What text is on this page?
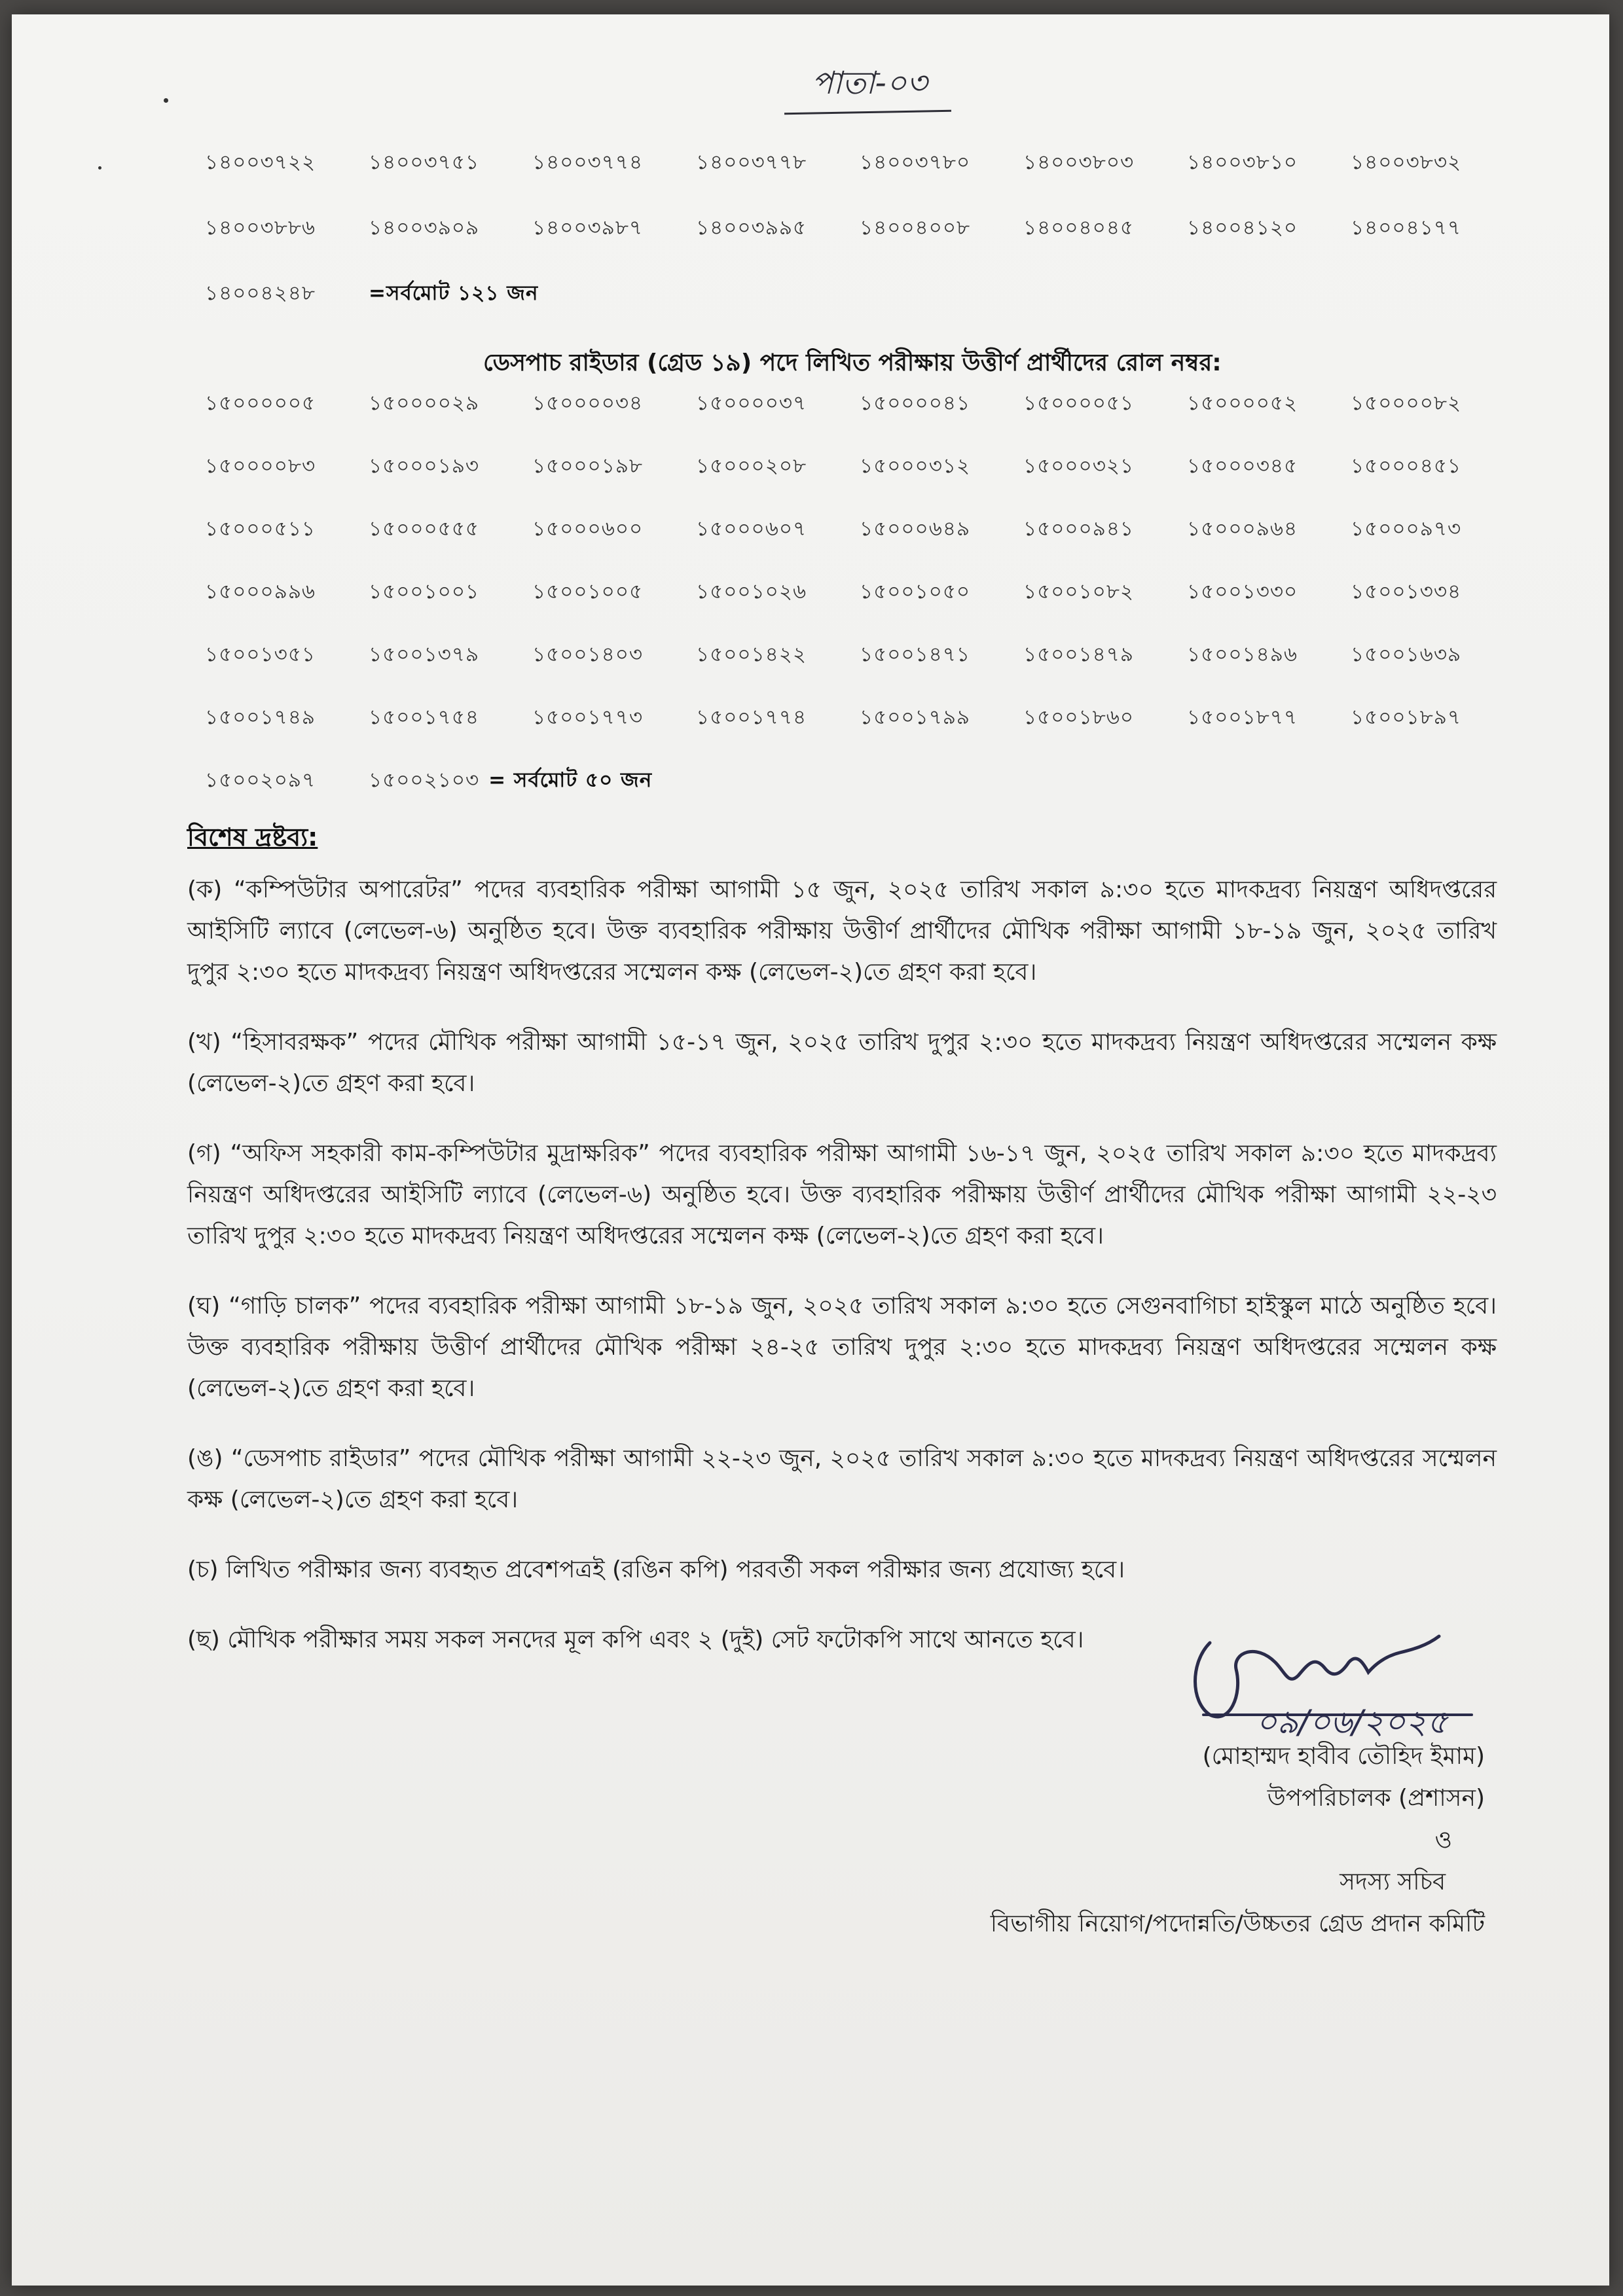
পাতা-০৩
১৪০০৩৭২২	১৪০০৩৭৫১	১৪০০৩৭৭৪	১৪০০৩৭৭৮	১৪০০৩৭৮০	১৪০০৩৮০৩	১৪০০৩৮১০	১৪০০৩৮৩২
১৪০০৩৮৮৬	১৪০০৩৯০৯	১৪০০৩৯৮৭	১৪০০৩৯৯৫	১৪০০৪০০৮	১৪০০৪০৪৫	১৪০০৪১২০	১৪০০৪১৭৭
১৪০০৪২৪৮	=সর্বমোট ১২১ জন
ডেসপাচ রাইডার (গ্রেড ১৯) পদে লিখিত পরীক্ষায় উত্তীর্ণ প্রার্থীদের রোল নম্বর:
১৫০০০০০৫	১৫০০০০২৯	১৫০০০০৩৪	১৫০০০০৩৭	১৫০০০০৪১	১৫০০০০৫১	১৫০০০০৫২	১৫০০০০৮২
১৫০০০০৮৩	১৫০০০১৯৩	১৫০০০১৯৮	১৫০০০২০৮	১৫০০০৩১২	১৫০০০৩২১	১৫০০০৩৪৫	১৫০০০৪৫১
১৫০০০৫১১	১৫০০০৫৫৫	১৫০০০৬০০	১৫০০০৬০৭	১৫০০০৬৪৯	১৫০০০৯৪১	১৫০০০৯৬৪	১৫০০০৯৭৩
১৫০০০৯৯৬	১৫০০১০০১	১৫০০১০০৫	১৫০০১০২৬	১৫০০১০৫০	১৫০০১০৮২	১৫০০১৩৩০	১৫০০১৩৩৪
১৫০০১৩৫১	১৫০০১৩৭৯	১৫০০১৪০৩	১৫০০১৪২২	১৫০০১৪৭১	১৫০০১৪৭৯	১৫০০১৪৯৬	১৫০০১৬৩৯
১৫০০১৭৪৯	১৫০০১৭৫৪	১৫০০১৭৭৩	১৫০০১৭৭৪	১৫০০১৭৯৯	১৫০০১৮৬০	১৫০০১৮৭৭	১৫০০১৮৯৭
১৫০০২০৯৭	১৫০০২১০৩ = সর্বমোট ৫০ জন
বিশেষ দ্রষ্টব্য:

(ক) “কম্পিউটার অপারেটর” পদের ব্যবহারিক পরীক্ষা আগামী ১৫ জুন, ২০২৫ তারিখ সকাল ৯:৩০ হতে মাদকদ্রব্য নিয়ন্ত্রণ অধিদপ্তরের আইসিটি ল্যাবে (লেভেল-৬) অনুষ্ঠিত হবে। উক্ত ব্যবহারিক পরীক্ষায় উত্তীর্ণ প্রার্থীদের মৌখিক পরীক্ষা আগামী ১৮-১৯ জুন, ২০২৫ তারিখ দুপুর ২:৩০ হতে মাদকদ্রব্য নিয়ন্ত্রণ অধিদপ্তরের সম্মেলন কক্ষ (লেভেল-২)তে গ্রহণ করা হবে।

(খ) “হিসাবরক্ষক” পদের মৌখিক পরীক্ষা আগামী ১৫-১৭ জুন, ২০২৫ তারিখ দুপুর ২:৩০ হতে মাদকদ্রব্য নিয়ন্ত্রণ অধিদপ্তরের সম্মেলন কক্ষ (লেভেল-২)তে গ্রহণ করা হবে।

(গ) “অফিস সহকারী কাম-কম্পিউটার মুদ্রাক্ষরিক” পদের ব্যবহারিক পরীক্ষা আগামী ১৬-১৭ জুন, ২০২৫ তারিখ সকাল ৯:৩০ হতে মাদকদ্রব্য নিয়ন্ত্রণ অধিদপ্তরের আইসিটি ল্যাবে (লেভেল-৬) অনুষ্ঠিত হবে। উক্ত ব্যবহারিক পরীক্ষায় উত্তীর্ণ প্রার্থীদের মৌখিক পরীক্ষা আগামী ২২-২৩ তারিখ দুপুর ২:৩০ হতে মাদকদ্রব্য নিয়ন্ত্রণ অধিদপ্তরের সম্মেলন কক্ষ (লেভেল-২)তে গ্রহণ করা হবে।

(ঘ) “গাড়ি চালক” পদের ব্যবহারিক পরীক্ষা আগামী ১৮-১৯ জুন, ২০২৫ তারিখ সকাল ৯:৩০ হতে সেগুনবাগিচা হাইস্কুল মাঠে অনুষ্ঠিত হবে। উক্ত ব্যবহারিক পরীক্ষায় উত্তীর্ণ প্রার্থীদের মৌখিক পরীক্ষা ২৪-২৫ তারিখ দুপুর ২:৩০ হতে মাদকদ্রব্য নিয়ন্ত্রণ অধিদপ্তরের সম্মেলন কক্ষ (লেভেল-২)তে গ্রহণ করা হবে।

(ঙ) “ডেসপাচ রাইডার” পদের মৌখিক পরীক্ষা আগামী ২২-২৩ জুন, ২০২৫ তারিখ সকাল ৯:৩০ হতে মাদকদ্রব্য নিয়ন্ত্রণ অধিদপ্তরের সম্মেলন কক্ষ (লেভেল-২)তে গ্রহণ করা হবে।

(চ) লিখিত পরীক্ষার জন্য ব্যবহৃত প্রবেশপত্রই (রঙিন কপি) পরবর্তী সকল পরীক্ষার জন্য প্রযোজ্য হবে।

(ছ) মৌখিক পরীক্ষার সময় সকল সনদের মূল কপি এবং ২ (দুই) সেট ফটোকপি সাথে আনতে হবে।

০৯/০৬/২০২৫
(মোহাম্মদ হাবীব তৌহিদ ইমাম)
উপপরিচালক (প্রশাসন)
ও
সদস্য সচিব
বিভাগীয় নিয়োগ/পদোন্নতি/উচ্চতর গ্রেড প্রদান কমিটি
